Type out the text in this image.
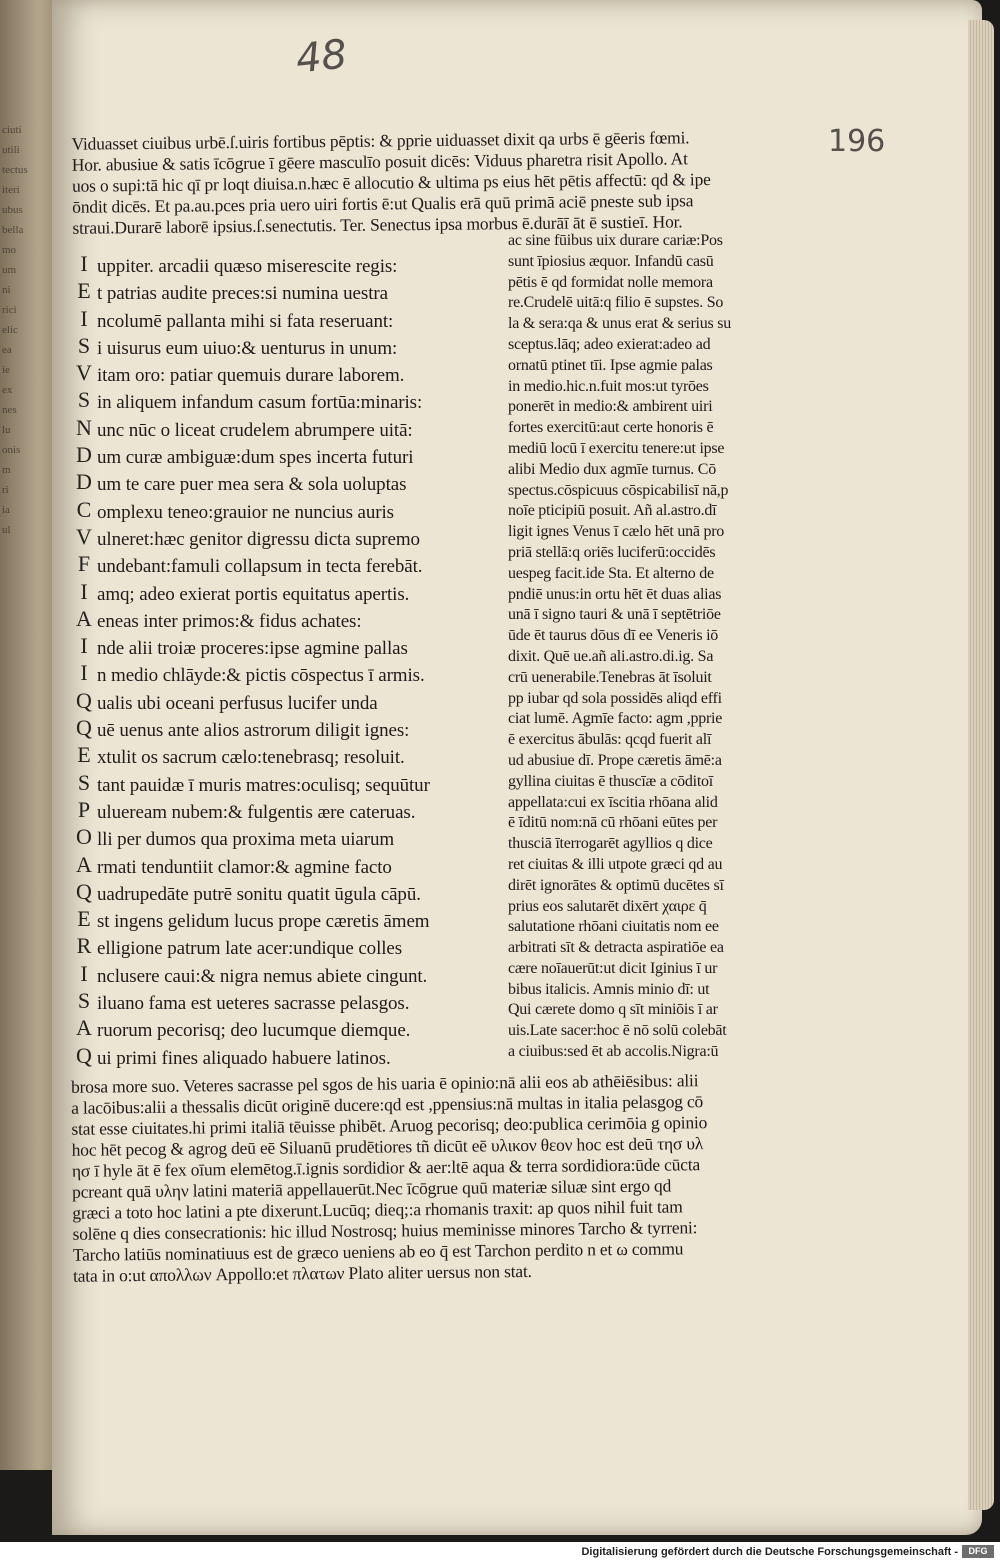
ciuti
utili
tectus
iteri
ubus
bella
mo
um
ni
rici
elic
ea
ie
ex
nes
lu
onis
m
ri
ia
ul
48
196
Viduasset ciuibus urbē.ſ.uiris fortibus pēptis: & pprie uiduasset dixit qa urbs ē gēeris fœmi.
Hor. abusiue & satis īcōgrue ī gēere masculīo posuit dicēs: Viduus pharetra risit Apollo. At
uos o supi:tā hic qī pr loqt diuisa.n.hæc ē allocutio & ultima ps eius hēt pētis affectū: qd & ipe
ōndit dicēs. Et pa.au.pces pria uero uiri fortis ē:ut Qualis erā quū primā aciē pneste sub ipsa
straui.Durarē laborē ipsius.ſ.senectutis. Ter. Senectus ipsa morbus ē.durāī āt ē sustieī. Hor.
I
E
I
S
V
S
N
D
D
C
V
F
I
A
I
I
Q
Q
E
S
P
O
A
Q
E
R
I
S
A
Q
uppiter. arcadii quæso miserescite regis:
t patrias audite preces:si numina uestra
ncolumē pallanta mihi si fata reseruant:
i uisurus eum uiuo:& uenturus in unum:
itam oro: patiar quemuis durare laborem.
in aliquem infandum casum fortūa:minaris:
unc nūc o liceat crudelem abrumpere uitā:
um curæ ambiguæ:dum spes incerta futuri
um te care puer mea sera & sola uoluptas
omplexu teneo:grauior ne nuncius auris
ulneret:hæc genitor digressu dicta supremo
undebant:famuli collapsum in tecta ferebāt.
amq; adeo exierat portis equitatus apertis.
eneas inter primos:& fidus achates:
nde alii troiæ proceres:ipse agmine pallas
n medio chlāyde:& pictis cōspectus ī armis.
ualis ubi oceani perfusus lucifer unda
uē uenus ante alios astrorum diligit ignes:
xtulit os sacrum cælo:tenebrasq; resoluit.
tant pauidæ ī muris matres:oculisq; sequūtur
ulueream nubem:& fulgentis ære cateruas.
lli per dumos qua proxima meta uiarum
rmati tenduntiit clamor:& agmine facto
uadrupedāte putrē sonitu quatit ūgula cāpū.
st ingens gelidum lucus prope cæretis āmem
elligione patrum late acer:undique colles
nclusere caui:& nigra nemus abiete cingunt.
iluano fama est ueteres sacrasse pelasgos.
ruorum pecorisq; deo lucumque diemque.
ui primi fines aliquado habuere latinos.
ac sine fūibus uix durare cariæ:Pos
sunt īpiosius æquor. Infandū casū
pētis ē qd formidat nolle memora
re.Crudelē uitā:q filio ē supstes. So
la & sera:qa & unus erat & serius su
sceptus.lāq; adeo exierat:adeo ad
ornatū ptinet tīi. Ipse agmie palas
in medio.hic.n.fuit mos:ut tyrōes
ponerēt in medio:& ambirent uiri
fortes exercitū:aut certe honoris ē
mediū locū ī exercitu tenere:ut ipse
alibi Medio dux agmīe turnus. Cō
spectus.cōspicuus cōspicabilisī nā,p
noīe pticipiū posuit. Añ al.astro.dī
ligit ignes Venus ī cælo hēt unā pro
priā stellā:q oriēs luciferū:occidēs
uespeg facit.ide Sta. Et alterno de
pndiē unus:in ortu hēt ēt duas alias
unā ī signo tauri & unā ī septētriōe
ūde ēt taurus dōus dī ee Veneris iō
dixit. Quē ue.añ ali.astro.di.ig. Sa
crū uenerabile.Tenebras āt īsoluit
pp iubar qd sola possidēs aliqd effi
ciat lumē. Agmīe facto: agm ,pprie
ē exercitus ābulās: qcqd fuerit alī
ud abusiue dī. Prope cæretis āmē:a
gyllina ciuitas ē thuscīæ a cōditoī
appellata:cui ex īscitia rhōana alid
ē īditū nom:nā cū rhōani eūtes per
thusciā īterrogarēt agyllios q dice
ret ciuitas & illi utpote græci qd au
dirēt ignorātes & optimū ducētes sī
prius eos salutarēt dixērt χαιρε q̄
salutatione rhōani ciuitatis nom ee
arbitrati sīt & detracta aspiratiōe ea
cære noīauerūt:ut dicit Iginius ī ur
bibus italicis. Amnis minio dī: ut
Qui cærete domo q sīt miniōis ī ar
uis.Late sacer:hoc ē nō solū colebāt
a ciuibus:sed ēt ab accolis.Nigra:ū
brosa more suo. Veteres sacrasse pel sgos de his uaria ē opinio:nā alii eos ab athēiēsibus: alii
a lacōibus:alii a thessalis dicūt originē ducere:qd est ,ppensius:nā multas in italia pelasgog cō
stat esse ciuitates.hi primi italiā tēuisse phibēt. Aruog pecorisq; deo:publica cerimōia g opinio
hoc hēt pecog & agrog deū eē Siluanū prudētiores tñ dicūt eē υλικον θεον hoc est deū τησ υλ
ησ ī hyle āt ē fex oīum elemētog.ī.ignis sordidior & aer:ltē aqua & terra sordidiora:ūde cūcta
pcreant quā υλην latini materiā appellauerūt.Nec īcōgrue quū materiæ siluæ sint ergo qd
græci a toto hoc latini a pte dixerunt.Lucūq; dieq;:a rhomanis traxit: ap quos nihil fuit tam
solēne q dies consecrationis: hic illud Nostrosq; huius meminisse minores Tarcho & tyrreni:
Tarcho latiūs nominatiuus est de græco ueniens ab eo q̄ est Tarchon perdito n et ω commu
tata in o:ut απολλων Appollo:et πλατων Plato aliter uersus non stat.
Digitalisierung gefördert durch die Deutsche Forschungsgemeinschaft -	DFG
